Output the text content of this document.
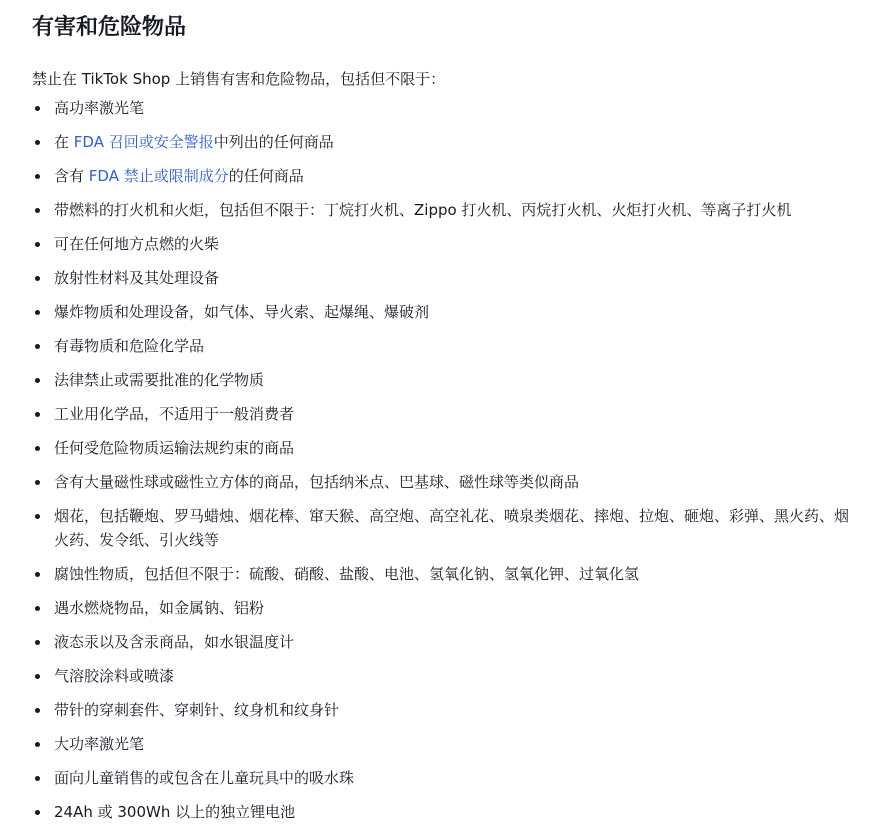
有害和危险物品

禁止在 TikTok Shop 上销售有害和危险物品，包括但不限于：

高功率激光笔
在 FDA 召回或安全警报中列出的任何商品
含有 FDA 禁止或限制成分的任何商品
带燃料的打火机和火炬，包括但不限于：丁烷打火机、Zippo 打火机、丙烷打火机、火炬打火机、等离子打火机
可在任何地方点燃的火柴
放射性材料及其处理设备
爆炸物质和处理设备，如气体、导火索、起爆绳、爆破剂
有毒物质和危险化学品
法律禁止或需要批准的化学物质
工业用化学品，不适用于一般消费者
任何受危险物质运输法规约束的商品
含有大量磁性球或磁性立方体的商品，包括纳米点、巴基球、磁性球等类似商品
烟花，包括鞭炮、罗马蜡烛、烟花棒、窜天猴、高空炮、高空礼花、喷泉类烟花、摔炮、拉炮、砸炮、彩弹、黑火药、烟火药、发令纸、引火线等
腐蚀性物质，包括但不限于：硫酸、硝酸、盐酸、电池、氢氧化钠、氢氧化钾、过氧化氢
遇水燃烧物品，如金属钠、铝粉
液态汞以及含汞商品，如水银温度计
气溶胶涂料或喷漆
带针的穿刺套件、穿刺针、纹身机和纹身针
大功率激光笔
面向儿童销售的或包含在儿童玩具中的吸水珠
24Ah 或 300Wh 以上的独立锂电池
